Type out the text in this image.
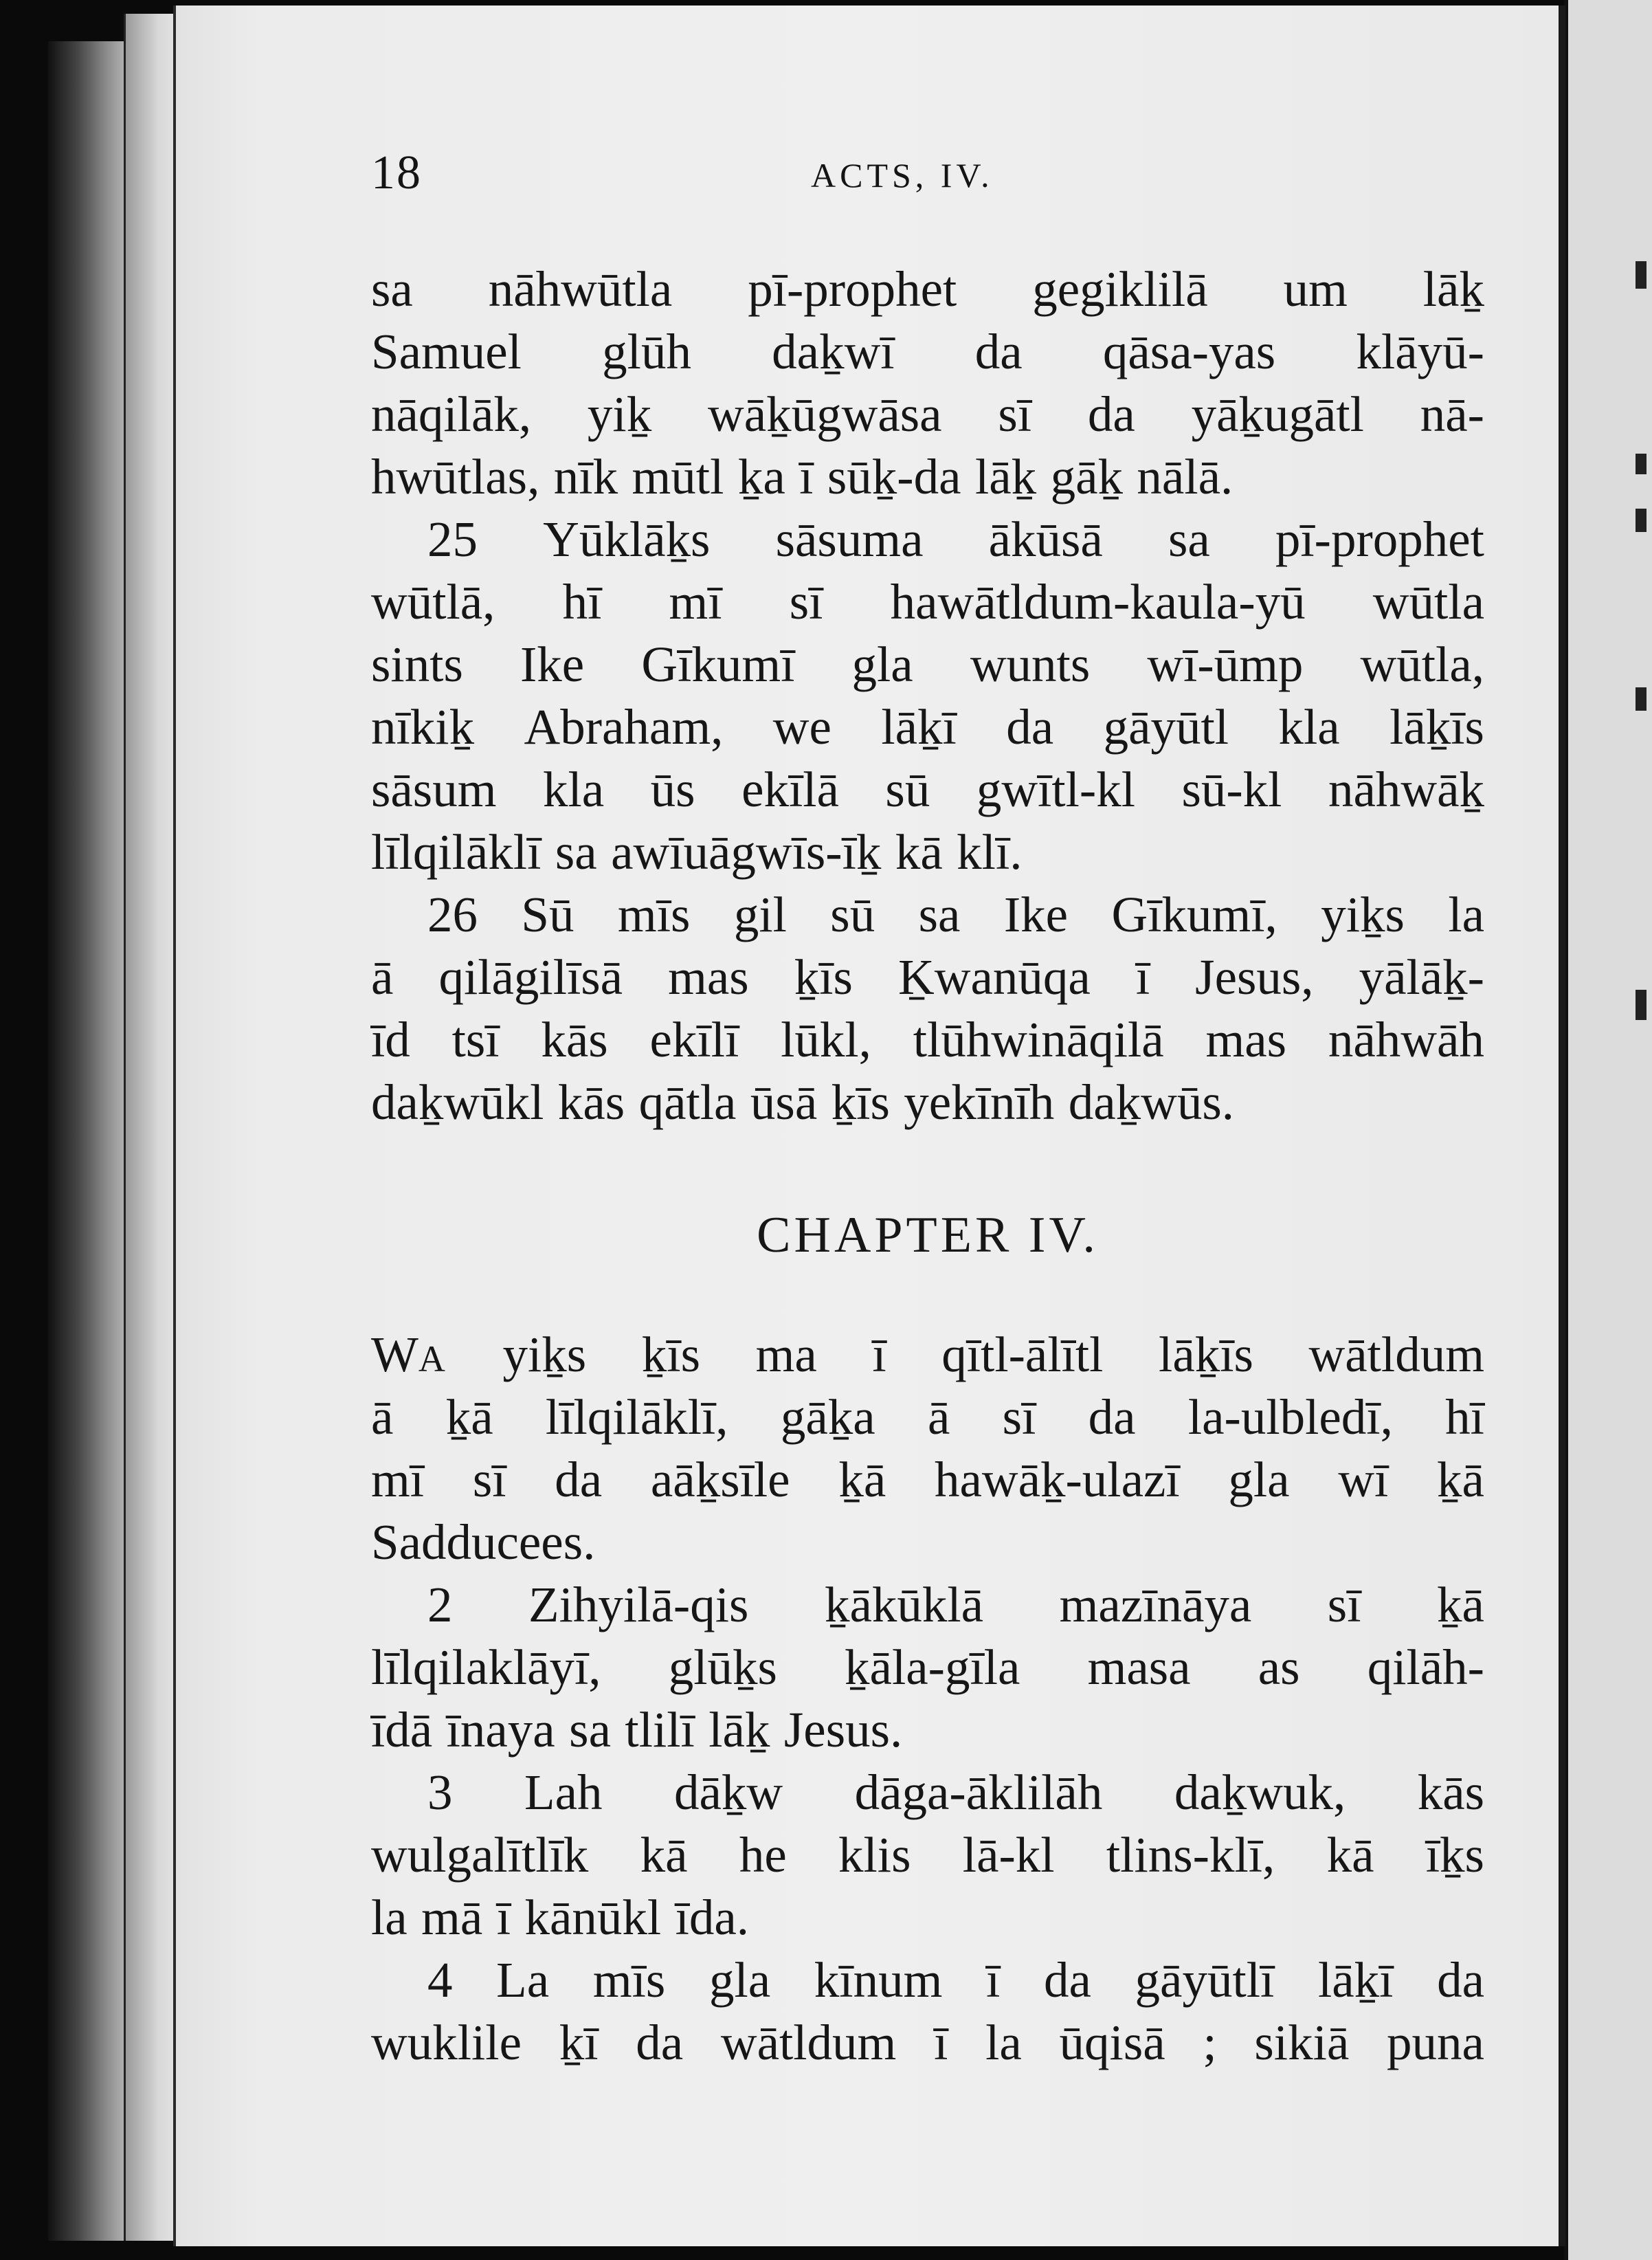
18	ACTS, IV.
sa nāhwūtla pī-prophet gegiklilā um lāḵ
Samuel glūh daḵwī da qāsa-yas klāyū-
nāqilāk, yiḵ wāḵūgwāsa sī da yāḵugātl nā-
hwūtlas, nīk mūtl ḵa ī sūḵ-da lāḵ gāḵ nālā.
25 Yūklāḵs sāsuma ākūsā sa pī-prophet
wūtlā, hī mī sī hawātldum-kaula-yū wūtla
sints Ike Gīkumī gla wunts wī-ūmp wūtla,
nīkiḵ Abraham, we lāḵī da gāyūtl kla lāḵīs
sāsum kla ūs ekīlā sū gwītl-kl sū-kl nāhwāḵ
līlqilāklī sa awīuāgwīs-īḵ kā klī.
26 Sū mīs gil sū sa Ike Gīkumī, yiḵs la
ā qilāgilīsā mas ḵīs Ḵwanūqa ī Jesus, yālāḵ-
īd tsī kās ekīlī lūkl, tlūhwināqilā mas nāhwāh
daḵwūkl kās qātla ūsā ḵīs yekīnīh daḵwūs.
CHAPTER IV.
WA yiḵs ḵīs ma ī qītl-ālītl lāḵīs wātldum
ā ḵā līlqilāklī, gāḵa ā sī da la-ulbledī, hī
mī sī da aāḵsīle ḵā hawāḵ-ulazī gla wī ḵā
Sadducees.
2 Zihyilā-qis ḵākūklā mazīnāya sī ḵā
līlqilaklāyī, glūḵs ḵāla-gīla masa as qilāh-
īdā īnaya sa tlilī lāḵ Jesus.
3 Lah dāḵw dāga-āklilāh daḵwuk, kās
wulgalītlīk kā he klis lā-kl tlins-klī, kā īḵs
la mā ī kānūkl īda.
4 La mīs gla kīnum ī da gāyūtlī lāḵī da
wuklile ḵī da wātldum ī la ūqisā ; sikiā puna
